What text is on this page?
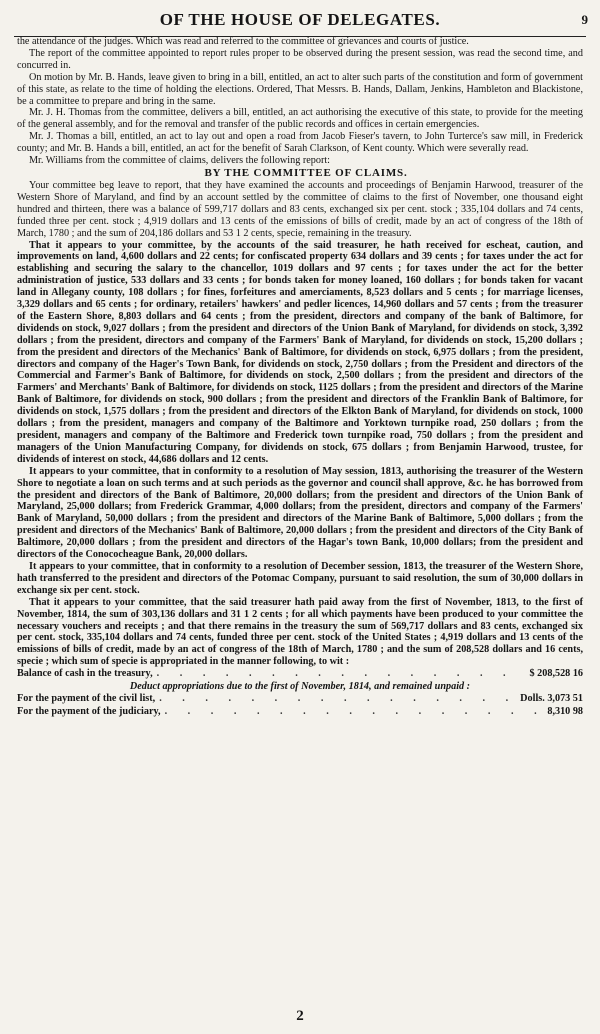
OF THE HOUSE OF DELEGATES.	9

the attendance of the judges. Which was read and referred to the committee of grievances and courts of justice.

The report of the committee appointed to report rules proper to be observed during the present session, was read the second time, and concurred in.

On motion by Mr. B. Hands, leave given to bring in a bill, entitled, an act to alter such parts of the constitution and form of government of this state, as relate to the time of holding the elections. Ordered, That Messrs. B. Hands, Dallam, Jenkins, Hambleton and Blackistone, be a committee to prepare and bring in the same.

Mr. J. H. Thomas from the committee, delivers a bill, entitled, an act authorising the executive of this state, to provide for the meeting of the general assembly, and for the removal and transfer of the public records and offices in certain emergencies.

Mr. J. Thomas a bill, entitled, an act to lay out and open a road from Jacob Fieser's tavern, to John Turterce's saw mill, in Frederick county; and Mr. B. Hands a bill, entitled, an act for the benefit of Sarah Clarkson, of Kent county. Which were severally read.

Mr. Williams from the committee of claims, delivers the following report:

BY THE COMMITTEE OF CLAIMS.

Your committee beg leave to report, that they have examined the accounts and proceedings of Benjamin Harwood, treasurer of the Western Shore of Maryland, and find by an account settled by the committee of claims to the first of November, one thousand eight hundred and thirteen, there was a balance of 599,717 dollars and 83 cents, exchanged six per cent. stock ; 335,104 dollars and 74 cents, funded three per cent. stock ; 4,919 dollars and 13 cents of the emissions of bills of credit, made by an act of congress of the 18th of March, 1780 ; and the sum of 204,186 dollars and 53 1 2 cents, specie, remaining in the treasury.

That it appears to your committee, by the accounts of the said treasurer, he hath received for escheat, caution, and improvements on land, 4,600 dollars and 22 cents; for confiscated property 634 dollars and 39 cents ; for taxes under the act for establishing and securing the salary to the chancellor, 1019 dollars and 97 cents ; for taxes under the act for the better administration of justice, 533 dollars and 33 cents ; for bonds taken for money loaned, 160 dollars ; for bonds taken for vacant land in Allegany county, 108 dollars ; for fines, forfeitures and amerciaments, 8,523 dollars and 5 cents ; for marriage licenses, 3,329 dollars and 65 cents ; for ordinary, retailers' hawkers' and pedler licences, 14,960 dollars and 57 cents ; from the treasurer of the Eastern Shore, 8,803 dollars and 64 cents ; from the president, directors and company of the bank of Baltimore, for dividends on stock, 9,027 dollars ; from the president and directors of the Union Bank of Maryland, for dividends on stock, 3,392 dollars ; from the president, directors and company of the Farmers' Bank of Maryland, for dividends on stock, 15,200 dollars ; from the president and directors of the Mechanics' Bank of Baltimore, for dividends on stock, 6,975 dollars ; from the president, directors and company of the Hager's Town Bank, for dividends on stock, 2,750 dollars ; from the President and directors of the Commercial and Farmer's Bank of Baltimore, for dividends on stock, 2,500 dollars ; from the president and directors of the Farmers' and Merchants' Bank of Baltimore, for dividends on stock, 1125 dollars ; from the president and directors of the Marine Bank of Baltimore, for dividends on stock, 900 dollars ; from the president and directors of the Franklin Bank of Baltimore, for dividends on stock, 1,575 dollars ; from the president and directors of the Elkton Bank of Maryland, for dividends on stock, 1000 dollars ; from the president, managers and company of the Baltimore and Yorktown turnpike road, 250 dollars ; from the president, managers and company of the Baltimore and Frederick town turnpike road, 750 dollars ; from the president and managers of the Union Manufacturing Company, for dividends on stock, 675 dollars ; from Benjamin Harwood, trustee, for dividends of interest on stock, 44,686 dollars and 12 cents.

It appears to your committee, that in conformity to a resolution of May session, 1813, authorising the treasurer of the Western Shore to negotiate a loan on such terms and at such periods as the governor and council shall approve, &c. he has borrowed from the president and directors of the Bank of Baltimore, 20,000 dollars; from the president and directors of the Union Bank of Maryland, 25,000 dollars; from Frederick Grammar, 4,000 dollars; from the president, directors and company of the Farmers' Bank of Maryland, 50,000 dollars ; from the president and directors of the Marine Bank of Baltimore, 5,000 dollars ; from the president and directors of the Mechanics' Bank of Baltimore, 20,000 dollars ; from the president and directors of the City Bank of Baltimore, 20,000 dollars ; from the president and directors of the Hagar's town Bank, 10,000 dollars; from the president and directors of the Conococheague Bank, 20,000 dollars.

It appears to your committee, that in conformity to a resolution of December session, 1813, the treasurer of the Western Shore, hath transferred to the president and directors of the Potomac Company, pursuant to said resolution, the sum of 30,000 dollars in exchange six per cent. stock.

That it appears to your committee, that the said treasurer hath paid away from the first of November, 1813, to the first of November, 1814, the sum of 303,136 dollars and 31 1 2 cents ; for all which payments have been produced to your committee the necessary vouchers and receipts ; and that there remains in the treasury the sum of 569,717 dollars and 83 cents, exchanged six per cent. stock, 335,104 dollars and 74 cents, funded three per cent. stock of the United States ; 4,919 dollars and 13 cents of the emissions of bills of credit, made by an act of congress of the 18th of March, 1780 ; and the sum of 208,528 dollars and 16 cents, specie ; which sum of specie is appropriated in the manner following, to wit :

Balance of cash in the treasury, . . .	$ 208,528 16
Deduct appropriations due to the first of November, 1814, and remained unpaid :
For the payment of the civil list, . . .	Dolls. 3,073 51
For the payment of the judiciary, . . .	8,310 98
2
